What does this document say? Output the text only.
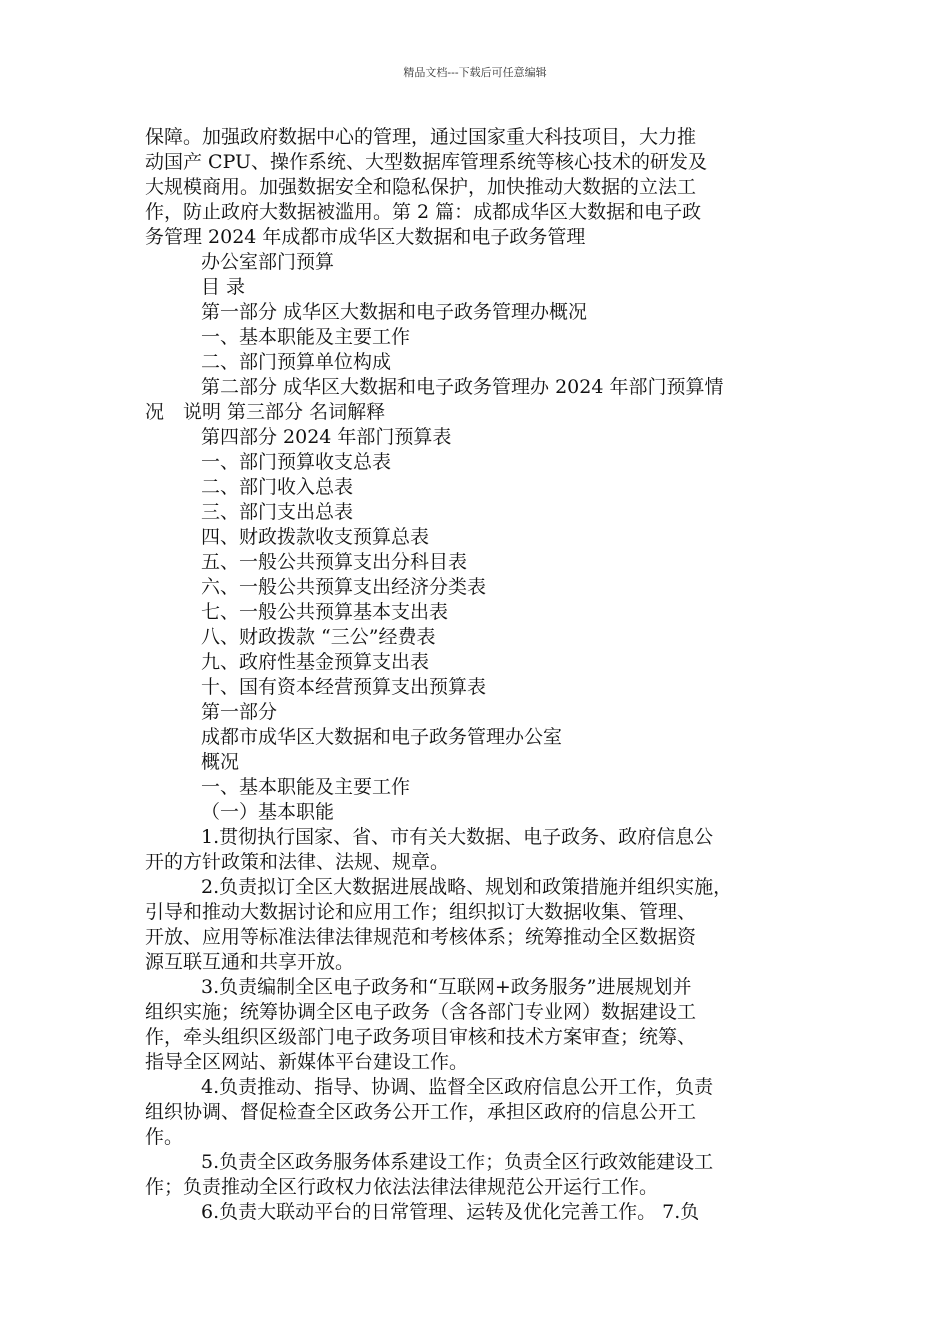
精品文档---下载后可任意编辑
保障。加强政府数据中心的管理，通过国家重大科技项目，大力推
动国产 CPU、操作系统、大型数据库管理系统等核心技术的研发及
大规模商用。加强数据安全和隐私保护，加快推动大数据的立法工
作，防止政府大数据被滥用。第 2 篇：成都成华区大数据和电子政
务管理 2024 年成都市成华区大数据和电子政务管理
办公室部门预算
目 录
第一部分 成华区大数据和电子政务管理办概况
一、基本职能及主要工作
二、部门预算单位构成
第二部分 成华区大数据和电子政务管理办 2024 年部门预算情
况　说明 第三部分 名词解释
第四部分 2024 年部门预算表
一、部门预算收支总表
二、部门收入总表
三、部门支出总表
四、财政拨款收支预算总表
五、一般公共预算支出分科目表
六、一般公共预算支出经济分类表
七、一般公共预算基本支出表
八、财政拨款 “三公”经费表
九、政府性基金预算支出表
十、国有资本经营预算支出预算表
第一部分
成都市成华区大数据和电子政务管理办公室
概况
一、基本职能及主要工作
（一）基本职能
1.贯彻执行国家、省、市有关大数据、电子政务、政府信息公
开的方针政策和法律、法规、规章。
2.负责拟订全区大数据进展战略、规划和政策措施并组织实施，
引导和推动大数据讨论和应用工作；组织拟订大数据收集、管理、
开放、应用等标准法律法律规范和考核体系；统筹推动全区数据资
源互联互通和共享开放。
3.负责编制全区电子政务和“互联网+政务服务”进展规划并
组织实施；统筹协调全区电子政务（含各部门专业网）数据建设工
作，牵头组织区级部门电子政务项目审核和技术方案审查；统筹、
指导全区网站、新媒体平台建设工作。
4.负责推动、指导、协调、监督全区政府信息公开工作，负责
组织协调、督促检查全区政务公开工作，承担区政府的信息公开工
作。
5.负责全区政务服务体系建设工作；负责全区行政效能建设工
作；负责推动全区行政权力依法法律法律规范公开运行工作。
6.负责大联动平台的日常管理、运转及优化完善工作。 7.负
